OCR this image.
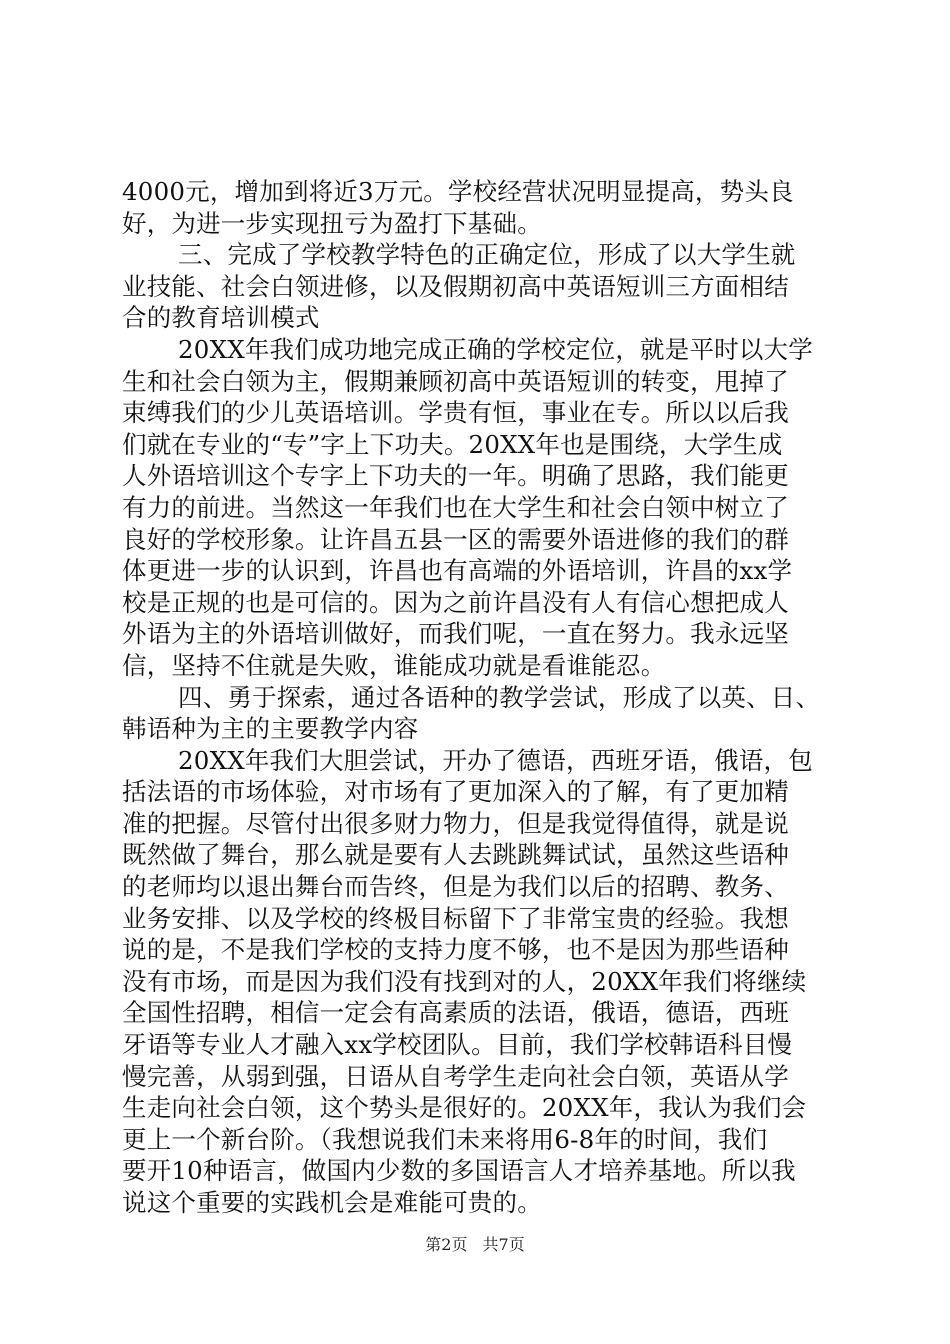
4000元，增加到将近3万元。学校经营状况明显提高，势头良
好，为进一步实现扭亏为盈打下基础。
三、完成了学校教学特色的正确定位，形成了以大学生就
业技能、社会白领进修，以及假期初高中英语短训三方面相结
合的教育培训模式
20XX年我们成功地完成正确的学校定位，就是平时以大学
生和社会白领为主，假期兼顾初高中英语短训的转变，甩掉了
束缚我们的少儿英语培训。学贵有恒，事业在专。所以以后我
们就在专业的“专”字上下功夫。20XX年也是围绕，大学生成
人外语培训这个专字上下功夫的一年。明确了思路，我们能更
有力的前进。当然这一年我们也在大学生和社会白领中树立了
良好的学校形象。让许昌五县一区的需要外语进修的我们的群
体更进一步的认识到，许昌也有高端的外语培训，许昌的xx学
校是正规的也是可信的。因为之前许昌没有人有信心想把成人
外语为主的外语培训做好，而我们呢，一直在努力。我永远坚
信，坚持不住就是失败，谁能成功就是看谁能忍。
四、勇于探索，通过各语种的教学尝试，形成了以英、日、
韩语种为主的主要教学内容
20XX年我们大胆尝试，开办了德语，西班牙语，俄语，包
括法语的市场体验，对市场有了更加深入的了解，有了更加精
准的把握。尽管付出很多财力物力，但是我觉得值得，就是说
既然做了舞台，那么就是要有人去跳跳舞试试，虽然这些语种
的老师均以退出舞台而告终，但是为我们以后的招聘、教务、
业务安排、以及学校的终极目标留下了非常宝贵的经验。我想
说的是，不是我们学校的支持力度不够，也不是因为那些语种
没有市场，而是因为我们没有找到对的人，20XX年我们将继续
全国性招聘，相信一定会有高素质的法语，俄语，德语，西班
牙语等专业人才融入xx学校团队。目前，我们学校韩语科目慢
慢完善，从弱到强，日语从自考学生走向社会白领，英语从学
生走向社会白领，这个势头是很好的。20XX年，我认为我们会
更上一个新台阶。（我想说我们未来将用6-8年的时间，我们
要开10种语言，做国内少数的多国语言人才培养基地。所以我
说这个重要的实践机会是难能可贵的。
第2页 共7页
